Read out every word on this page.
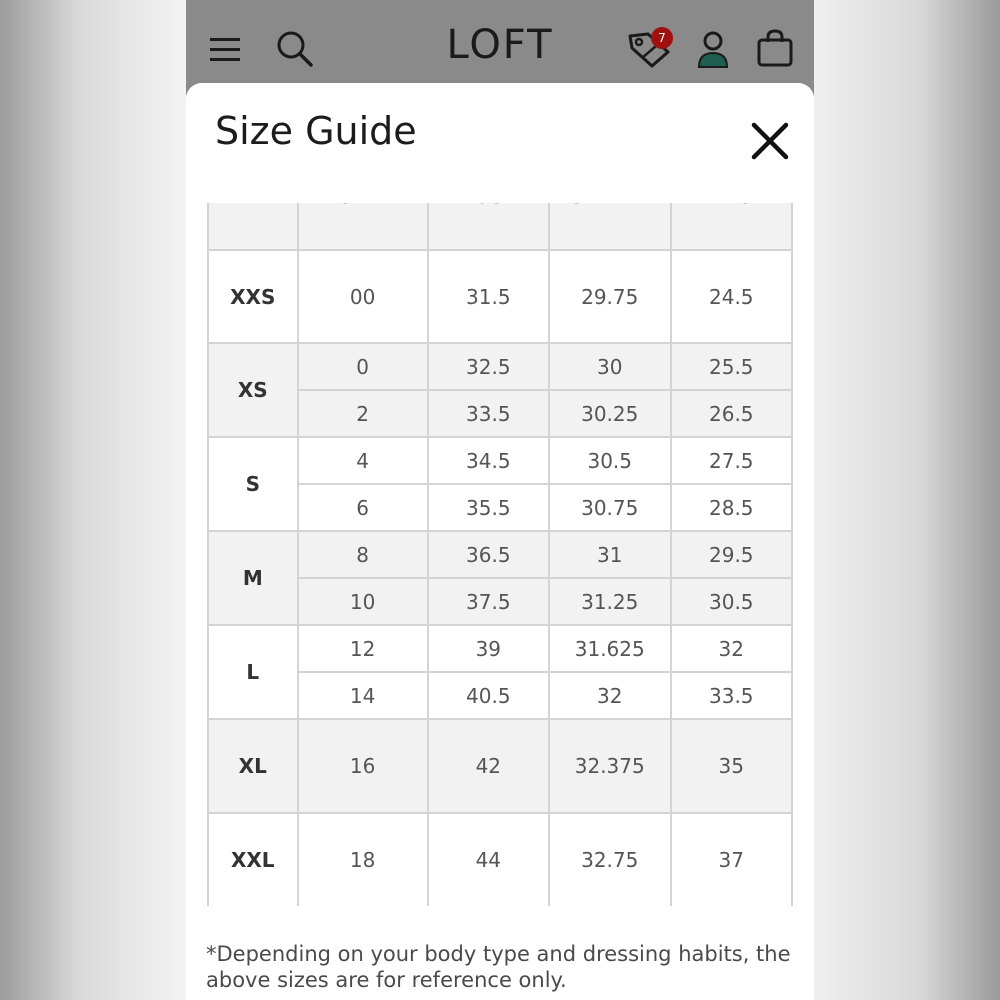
LOFT	7
Size Guide

XXS	00	31.5	29.75	24.5
XS	0	32.5	30	25.5
	2	33.5	30.25	26.5
S	4	34.5	30.5	27.5
	6	35.5	30.75	28.5
M	8	36.5	31	29.5
	10	37.5	31.25	30.5
L	12	39	31.625	32
	14	40.5	32	33.5
XL	16	42	32.375	35
XXL	18	44	32.75	37
*Depending on your body type and dressing habits, the above sizes are for reference only.
